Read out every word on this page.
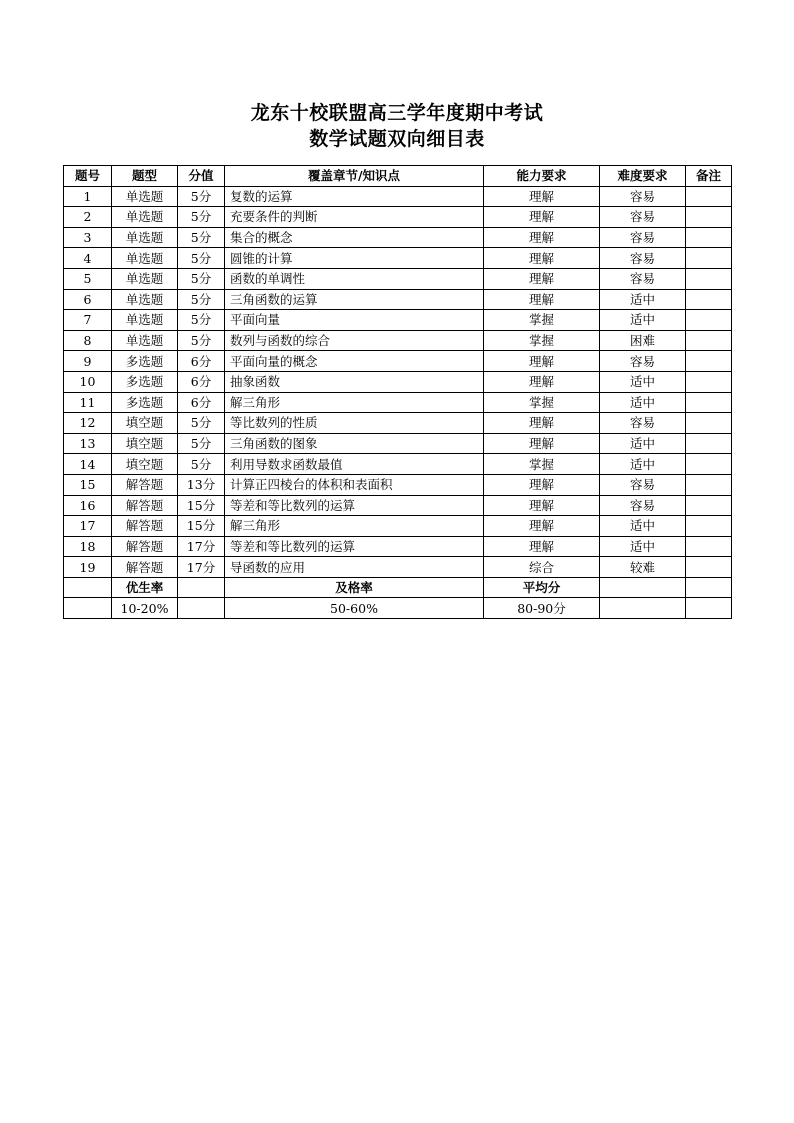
龙东十校联盟高三学年度期中考试
数学试题双向细目表
题号	题型	分值	覆盖章节/知识点	能力要求	难度要求	备注
1	单选题	5分	复数的运算	理解	容易	
2	单选题	5分	充要条件的判断	理解	容易	
3	单选题	5分	集合的概念	理解	容易	
4	单选题	5分	圆锥的计算	理解	容易	
5	单选题	5分	函数的单调性	理解	容易	
6	单选题	5分	三角函数的运算	理解	适中	
7	单选题	5分	平面向量	掌握	适中	
8	单选题	5分	数列与函数的综合	掌握	困难	
9	多选题	6分	平面向量的概念	理解	容易	
10	多选题	6分	抽象函数	理解	适中	
11	多选题	6分	解三角形	掌握	适中	
12	填空题	5分	等比数列的性质	理解	容易	
13	填空题	5分	三角函数的图象	理解	适中	
14	填空题	5分	利用导数求函数最值	掌握	适中	
15	解答题	13分	计算正四棱台的体积和表面积	理解	容易	
16	解答题	15分	等差和等比数列的运算	理解	容易	
17	解答题	15分	解三角形	理解	适中	
18	解答题	17分	等差和等比数列的运算	理解	适中	
19	解答题	17分	导函数的应用	综合	较难	
	优生率		及格率	平均分		
	10-20%		50-60%	80-90分		
